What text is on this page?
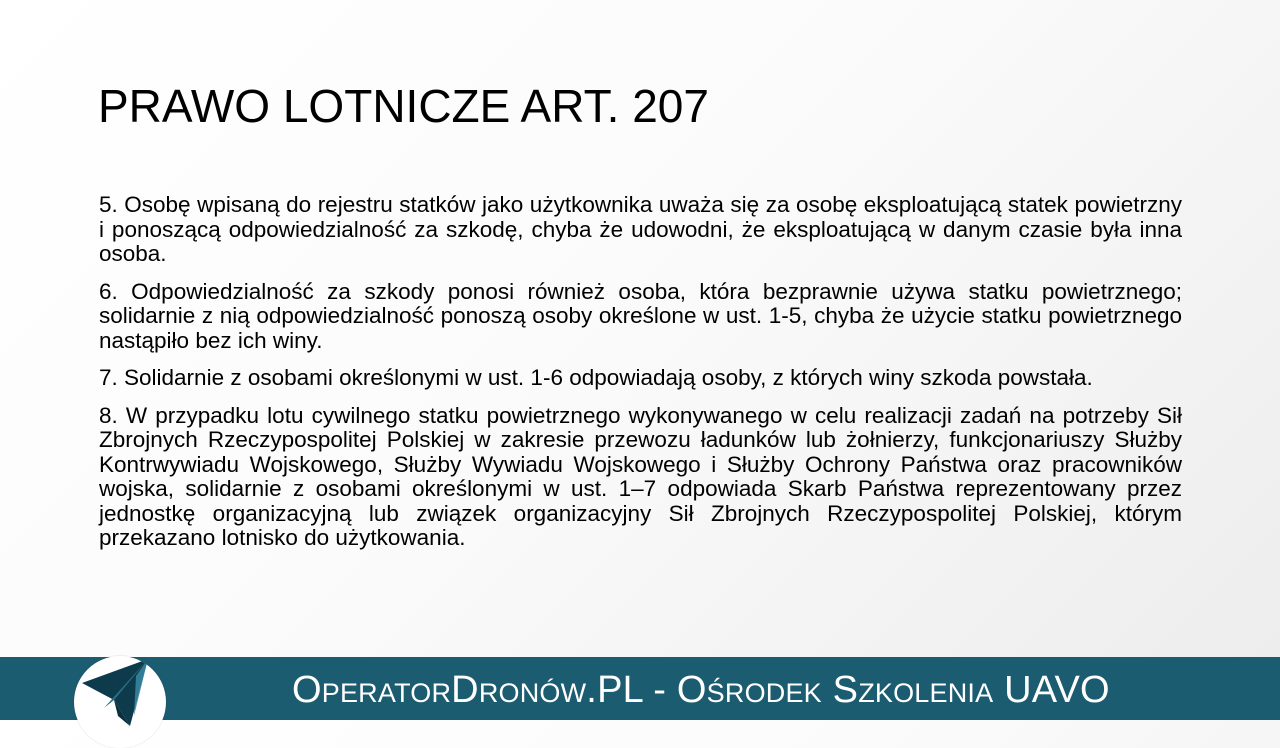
PRAWO LOTNICZE ART. 207

5. Osobę wpisaną do rejestru statków jako użytkownika uważa się za osobę eksploatującą statek powietrzny i ponoszącą odpowiedzialność za szkodę, chyba że udowodni, że eksploatującą w danym czasie była inna osoba.

6. Odpowiedzialność za szkody ponosi również osoba, która bezprawnie używa statku powietrznego; solidarnie z nią odpowiedzialność ponoszą osoby określone w ust. 1-5, chyba że użycie statku powietrznego nastąpiło bez ich winy.

7. Solidarnie z osobami określonymi w ust. 1-6 odpowiadają osoby, z których winy szkoda powstała.

8. W przypadku lotu cywilnego statku powietrznego wykonywanego w celu realizacji zadań na potrzeby Sił Zbrojnych Rzeczypospolitej Polskiej w zakresie przewozu ładunków lub żołnierzy, funkcjonariuszy Służby Kontrwywiadu Wojskowego, Służby Wywiadu Wojskowego i Służby Ochrony Państwa oraz pracowników wojska, solidarnie z osobami określonymi w ust. 1–7 odpowiada Skarb Państwa reprezentowany przez jednostkę organizacyjną lub związek organizacyjny Sił Zbrojnych Rzeczypospolitej Polskiej, którym przekazano lotnisko do użytkowania.

OperatorDronów.PL - Ośrodek Szkolenia UAVO
